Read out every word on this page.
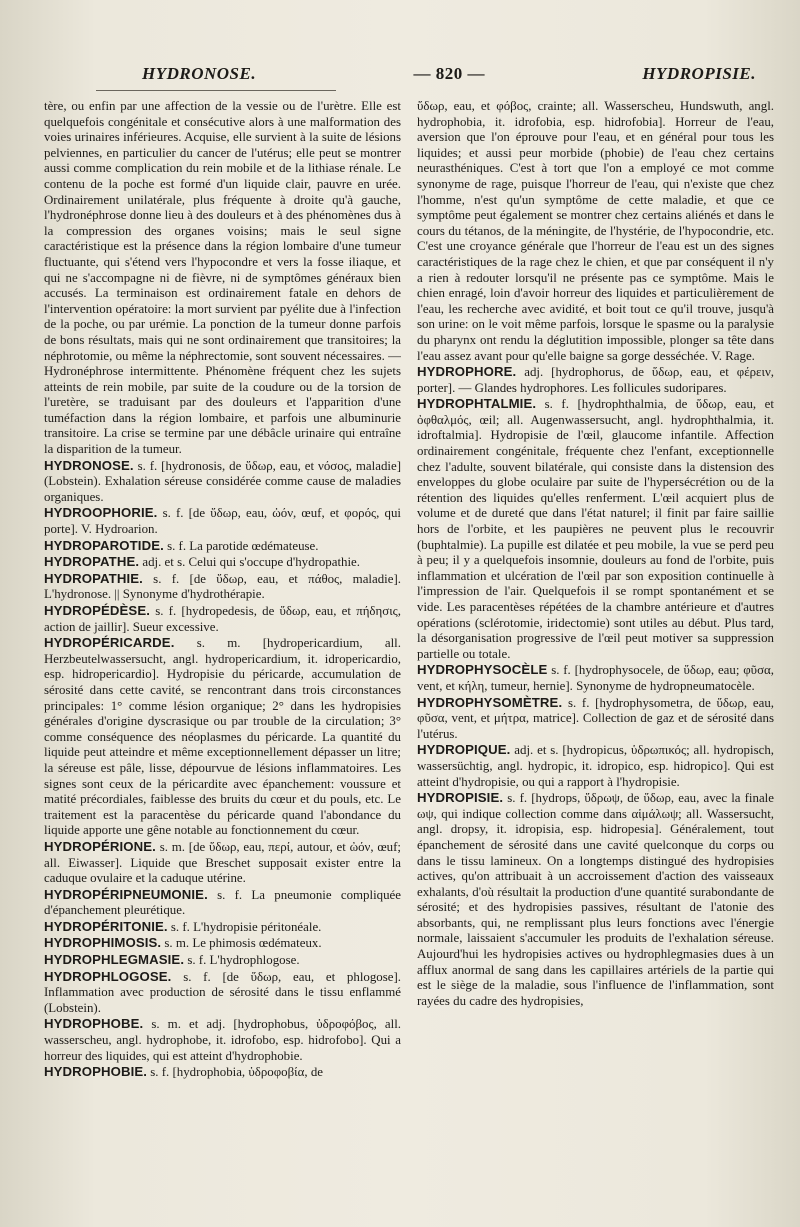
HYDRONOSE.	— 820 —	HYDROPISIE.

tère, ou enfin par une affection de la vessie ou de l'urètre. Elle est quelquefois congénitale et consécutive alors à une malformation des voies urinaires inférieures. Acquise, elle survient à la suite de lésions pelviennes, en particulier du cancer de l'utérus; elle peut se montrer aussi comme complication du rein mobile et de la lithiase rénale. Le contenu de la poche est formé d'un liquide clair, pauvre en urée. Ordinairement unilatérale, plus fréquente à droite qu'à gauche, l'hydronéphrose donne lieu à des douleurs et à des phénomènes dus à la compression des organes voisins; mais le seul signe caractéristique est la présence dans la région lombaire d'une tumeur fluctuante, qui s'étend vers l'hypocondre et vers la fosse iliaque, et qui ne s'accompagne ni de fièvre, ni de symptômes généraux bien accusés. La terminaison est ordinairement fatale en dehors de l'intervention opératoire: la mort survient par pyélite due à l'infection de la poche, ou par urémie. La ponction de la tumeur donne parfois de bons résultats, mais qui ne sont ordinairement que transitoires; la néphrotomie, ou même la néphrectomie, sont souvent nécessaires. — Hydronéphrose intermittente. Phénomène fréquent chez les sujets atteints de rein mobile, par suite de la coudure ou de la torsion de l'uretère, se traduisant par des douleurs et l'apparition d'une tuméfaction dans la région lombaire, et parfois une albuminurie transitoire. La crise se termine par une débâcle urinaire qui entraîne la disparition de la tumeur.

HYDRONOSE. s. f. [hydronosis, de ὕδωρ, eau, et νόσος, maladie] (Lobstein). Exhalation séreuse considérée comme cause de maladies organiques.

HYDROOPHORIE. s. f. [de ὕδωρ, eau, ὠόν, œuf, et φορός, qui porte]. V. Hydroarion.

HYDROPAROTIDE. s. f. La parotide œdémateuse.

HYDROPATHE. adj. et s. Celui qui s'occupe d'hydropathie.

HYDROPATHIE. s. f. [de ὕδωρ, eau, et πάθος, maladie]. L'hydronose. || Synonyme d'hydrothérapie.

HYDROPÉDÈSE. s. f. [hydropedesis, de ὕδωρ, eau, et πήδησις, action de jaillir]. Sueur excessive.

HYDROPÉRICARDE. s. m. [hydropericardium, all. Herzbeutelwassersucht, angl. hydropericardium, it. idropericardio, esp. hidropericardio]. Hydropisie du péricarde, accumulation de sérosité dans cette cavité, se rencontrant dans trois circonstances principales: 1° comme lésion organique; 2° dans les hydropisies générales d'origine dyscrasique ou par trouble de la circulation; 3° comme conséquence des néoplasmes du péricarde. La quantité du liquide peut atteindre et même exceptionnellement dépasser un litre; la séreuse est pâle, lisse, dépourvue de lésions inflammatoires. Les signes sont ceux de la péricardite avec épanchement: voussure et matité précordiales, faiblesse des bruits du cœur et du pouls, etc. Le traitement est la paracentèse du péricarde quand l'abondance du liquide apporte une gêne notable au fonctionnement du cœur.

HYDROPÉRIONE. s. m. [de ὕδωρ, eau, περί, autour, et ὠόν, œuf; all. Eiwasser]. Liquide que Breschet supposait exister entre la caduque ovulaire et la caduque utérine.

HYDROPÉRIPNEUMONIE. s. f. La pneumonie compliquée d'épanchement pleurétique.

HYDROPÉRITONIE. s. f. L'hydropisie péritonéale.

HYDROPHIMOSIS. s. m. Le phimosis œdémateux.

HYDROPHLEGMASIE. s. f. L'hydrophlogose.

HYDROPHLOGOSE. s. f. [de ὕδωρ, eau, et phlogose]. Inflammation avec production de sérosité dans le tissu enflammé (Lobstein).

HYDROPHOBE. s. m. et adj. [hydrophobus, ὑδροφόβος, all. wasserscheu, angl. hydrophobe, it. idrofobo, esp. hidrofobo]. Qui a horreur des liquides, qui est atteint d'hydrophobie.

HYDROPHOBIE. s. f. [hydrophobia, ὑδροφοβία, de

ὕδωρ, eau, et φόβος, crainte; all. Wasserscheu, Hundswuth, angl. hydrophobia, it. idrofobia, esp. hidrofobia]. Horreur de l'eau, aversion que l'on éprouve pour l'eau, et en général pour tous les liquides; et aussi peur morbide (phobie) de l'eau chez certains neurasthéniques. C'est à tort que l'on a employé ce mot comme synonyme de rage, puisque l'horreur de l'eau, qui n'existe que chez l'homme, n'est qu'un symptôme de cette maladie, et que ce symptôme peut également se montrer chez certains aliénés et dans le cours du tétanos, de la méningite, de l'hystérie, de l'hypocondrie, etc. C'est une croyance générale que l'horreur de l'eau est un des signes caractéristiques de la rage chez le chien, et que par conséquent il n'y a rien à redouter lorsqu'il ne présente pas ce symptôme. Mais le chien enragé, loin d'avoir horreur des liquides et particulièrement de l'eau, les recherche avec avidité, et boit tout ce qu'il trouve, jusqu'à son urine: on le voit même parfois, lorsque le spasme ou la paralysie du pharynx ont rendu la déglutition impossible, plonger sa tête dans l'eau assez avant pour qu'elle baigne sa gorge desséchée. V. Rage.

HYDROPHORE. adj. [hydrophorus, de ὕδωρ, eau, et φέρειν, porter]. — Glandes hydrophores. Les follicules sudoripares.

HYDROPHTALMIE. s. f. [hydrophthalmia, de ὕδωρ, eau, et ὀφθαλμός, œil; all. Augenwassersucht, angl. hydrophthalmia, it. idroftalmia]. Hydropisie de l'œil, glaucome infantile. Affection ordinairement congénitale, fréquente chez l'enfant, exceptionnelle chez l'adulte, souvent bilatérale, qui consiste dans la distension des enveloppes du globe oculaire par suite de l'hypersécrétion ou de la rétention des liquides qu'elles renferment. L'œil acquiert plus de volume et de dureté que dans l'état naturel; il finit par faire saillie hors de l'orbite, et les paupières ne peuvent plus le recouvrir (buphtalmie). La pupille est dilatée et peu mobile, la vue se perd peu à peu; il y a quelquefois insomnie, douleurs au fond de l'orbite, puis inflammation et ulcération de l'œil par son exposition continuelle à l'impression de l'air. Quelquefois il se rompt spontanément et se vide. Les paracentèses répétées de la chambre antérieure et d'autres opérations (sclérotomie, iridectomie) sont utiles au début. Plus tard, la désorganisation progressive de l'œil peut motiver sa suppression partielle ou totale.

HYDROPHYSOCÈLE s. f. [hydrophysocele, de ὕδωρ, eau; φῦσα, vent, et κήλη, tumeur, hernie]. Synonyme de hydropneumatocèle.

HYDROPHYSOMÈTRE. s. f. [hydrophysometra, de ὕδωρ, eau, φῦσα, vent, et μήτρα, matrice]. Collection de gaz et de sérosité dans l'utérus.

HYDROPIQUE. adj. et s. [hydropicus, ὑδρωπικός; all. hydropisch, wassersüchtig, angl. hydropic, it. idropico, esp. hidropico]. Qui est atteint d'hydropisie, ou qui a rapport à l'hydropisie.

HYDROPISIE. s. f. [hydrops, ὕδρωψ, de ὕδωρ, eau, avec la finale ωψ, qui indique collection comme dans αἱμάλωψ; all. Wassersucht, angl. dropsy, it. idropisia, esp. hidropesia]. Généralement, tout épanchement de sérosité dans une cavité quelconque du corps ou dans le tissu lamineux. On a longtemps distingué des hydropisies actives, qu'on attribuait à un accroissement d'action des vaisseaux exhalants, d'où résultait la production d'une quantité surabondante de sérosité; et des hydropisies passives, résultant de l'atonie des absorbants, qui, ne remplissant plus leurs fonctions avec l'énergie normale, laissaient s'accumuler les produits de l'exhalation séreuse. Aujourd'hui les hydropisies actives ou hydrophlegmasies dues à un afflux anormal de sang dans les capillaires artériels de la partie qui est le siège de la maladie, sous l'influence de l'inflammation, sont rayées du cadre des hydropisies,
